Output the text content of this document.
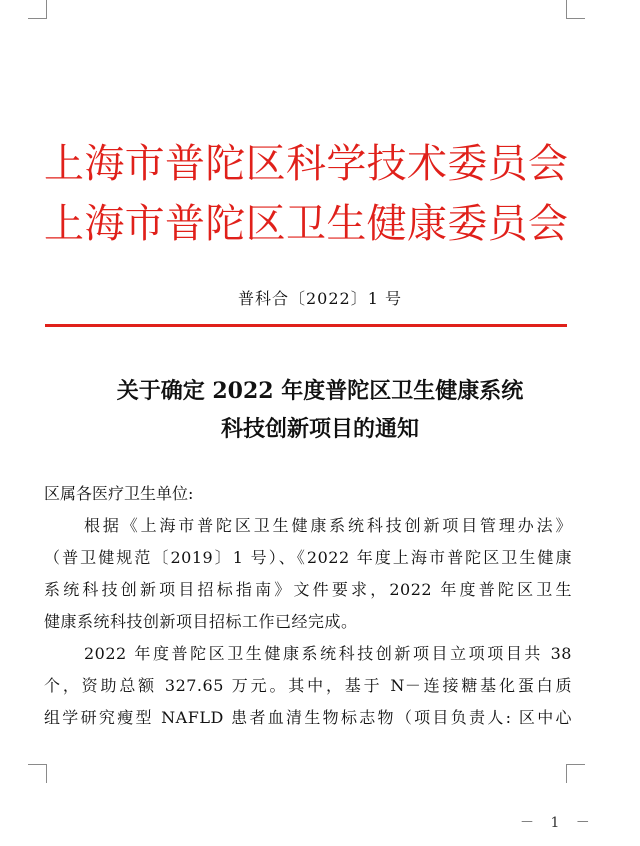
上海市普陀区科学技术委员会
上海市普陀区卫生健康委员会
普科合〔2022〕1 号
关于确定 2022 年度普陀区卫生健康系统
科技创新项目的通知
区属各医疗卫生单位:
根据《上海市普陀区卫生健康系统科技创新项目管理办法》
（普卫健规范〔2019〕1 号）、《2022 年度上海市普陀区卫生健康
系统科技创新项目招标指南》文件要求，2022 年度普陀区卫生
健康系统科技创新项目招标工作已经完成。
2022 年度普陀区卫生健康系统科技创新项目立项项目共 38
个，资助总额 327.65 万元。其中，基于 N－连接糖基化蛋白质
组学研究瘦型 NAFLD 患者血清生物标志物（项目负责人: 区中心
－ 1 －
